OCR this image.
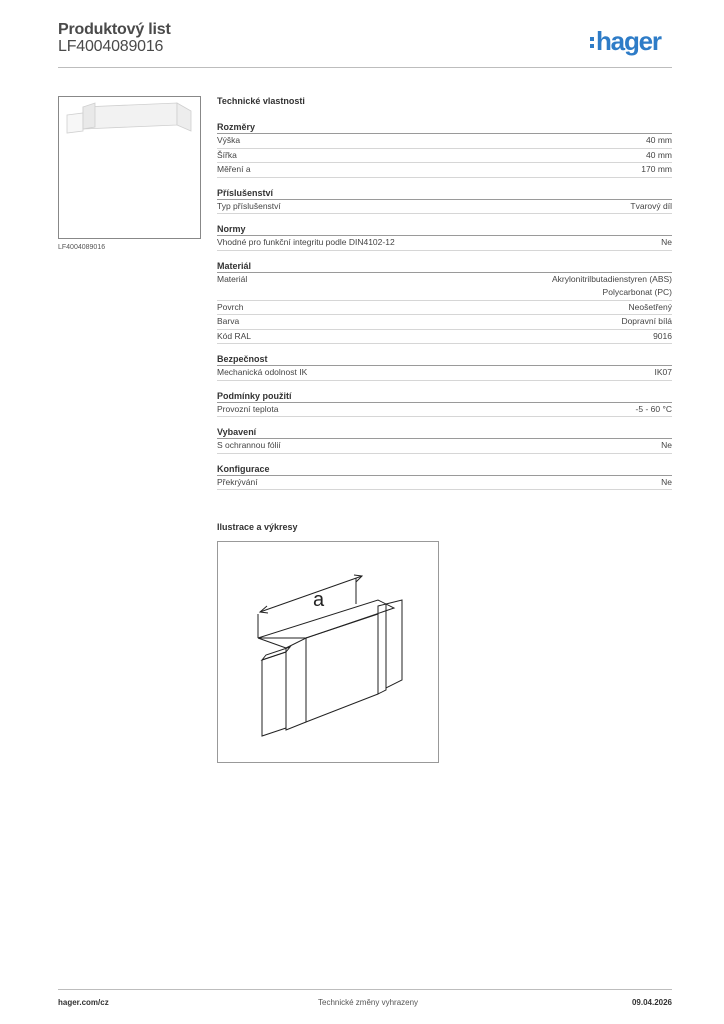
Produktový list
LF4004089016	hager
LF4004089016
Technické vlastnosti
Rozměry
Výška	40 mm
Šířka	40 mm
Měření a	170 mm
Příslušenství
Typ příslušenství	Tvarový díl
Normy
Vhodné pro funkční integritu podle DIN4102-12	Ne
Materiál
Materiál	Akrylonitrilbutadienstyren (ABS)
Polycarbonat (PC)
Povrch	Neošetřený
Barva	Dopravní bílá
Kód RAL	9016
Bezpečnost
Mechanická odolnost IK	IK07
Podmínky použití
Provozní teplota	-5 - 60 °C
Vybavení
S ochrannou fólií	Ne
Konfigurace
Překrývání	Ne
Ilustrace a výkresy
a
hager.com/cz	Technické změny vyhrazeny	09.04.2026
